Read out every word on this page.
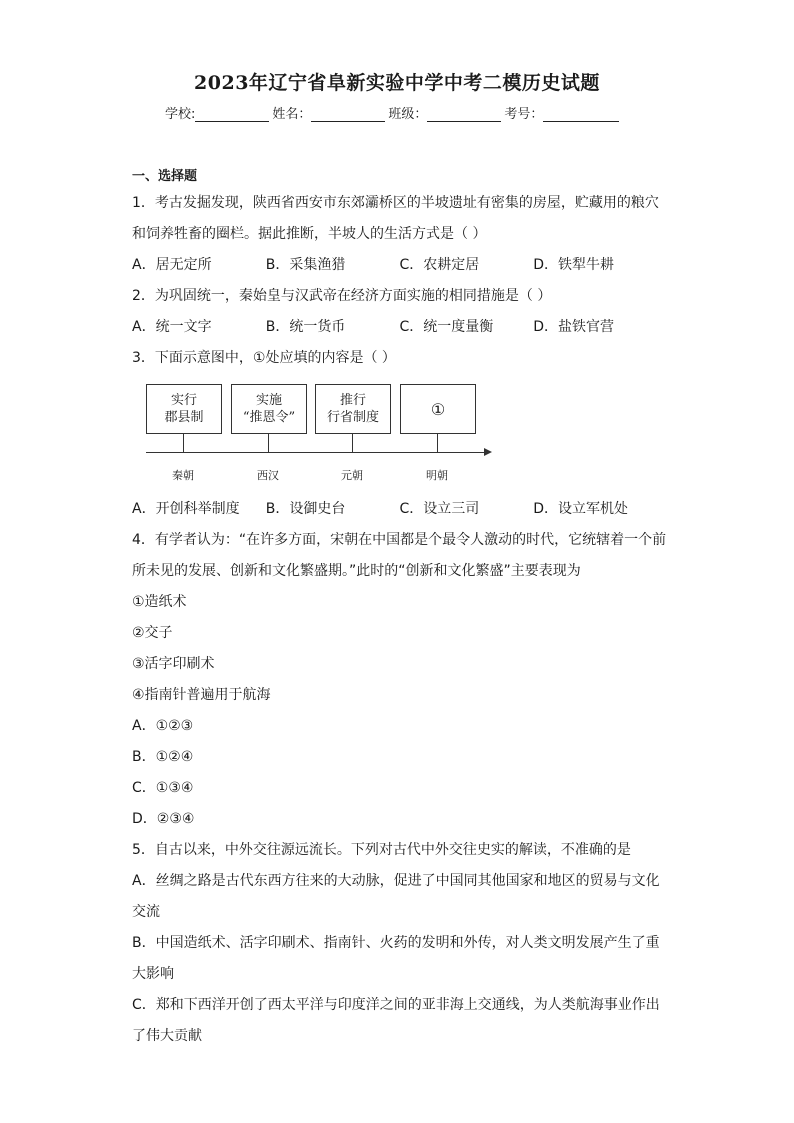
2023年辽宁省阜新实验中学中考二模历史试题
学校:	姓名：	班级：	考号：
一、选择题
1．考古发掘发现，陕西省西安市东郊灞桥区的半坡遗址有密集的房屋，贮藏用的粮穴
和饲养牲畜的圈栏。据此推断，半坡人的生活方式是（ ）
A．居无定所	B．采集渔猎	C．农耕定居	D．铁犁牛耕
2．为巩固统一，秦始皇与汉武帝在经济方面实施的相同措施是（ ）
A．统一文字	B．统一货币	C．统一度量衡	D．盐铁官营
3．下面示意图中，①处应填的内容是（ ）
实行
郡县制
实施
“推恩令”
推行
行省制度	①
秦朝	西汉	元朝	明朝
A．开创科举制度	B．设御史台	C．设立三司	D．设立军机处
4．有学者认为：“在许多方面，宋朝在中国都是个最令人激动的时代，它统辖着一个前
所未见的发展、创新和文化繁盛期。”此时的“创新和文化繁盛”主要表现为
①造纸术
②交子
③活字印刷术
④指南针普遍用于航海
A．①②③
B．①②④
C．①③④
D．②③④
5．自古以来，中外交往源远流长。下列对古代中外交往史实的解读，不准确的是
A．丝绸之路是古代东西方往来的大动脉，促进了中国同其他国家和地区的贸易与文化
交流
B．中国造纸术、活字印刷术、指南针、火药的发明和外传，对人类文明发展产生了重
大影响
C．郑和下西洋开创了西太平洋与印度洋之间的亚非海上交通线，为人类航海事业作出
了伟大贡献
